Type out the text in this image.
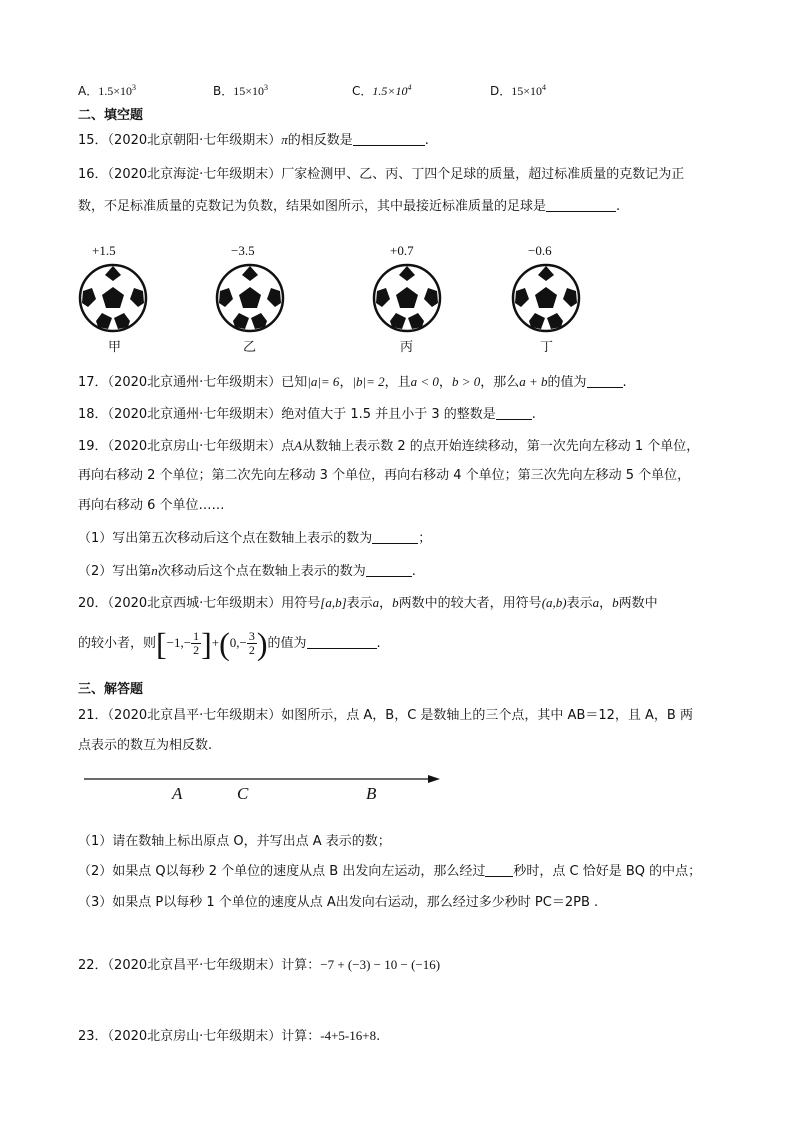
A．$1.5\times 10^3$	B．$15\times 10^3$	C．$1.5\times 10^4$	D．$15\times 10^4$
二、填空题
15．（2020北京朝阳·七年级期末）π的相反数是	.
16．（2020北京海淀·七年级期末）厂家检测甲、乙、丙、丁四个足球的质量，超过标准质量的克数记为正
数，不足标准质量的克数记为负数，结果如图所示，其中最接近标准质量的足球是	.
+1.5	−3.5	+0.7	−0.6
甲	乙	丙	丁
17．（2020北京通州·七年级期末）已知|a|= 6，|b|= 2，且a < 0，b > 0，那么a + b的值为	.
18．（2020北京通州·七年级期末）绝对值大于 1.5 并且小于 3 的整数是	.
19．（2020北京房山·七年级期末）点A从数轴上表示数 2 的点开始连续移动，第一次先向左移动 1 个单位，
再向右移动 2 个单位；第二次先向左移动 3 个单位，再向右移动 4 个单位；第三次先向左移动 5 个单位，
再向右移动 6 个单位……
（1）写出第五次移动后这个点在数轴上表示的数为	；
（2）写出第n次移动后这个点在数轴上表示的数为	.
20．（2020北京西城·七年级期末）用符号[a,b]表示a，b两数中的较大者，用符号(a,b)表示a，b两数中
的较小者，则$[-1,- \frac{1}{2} ]+(0,- \frac{3}{2}$ )的值为	.
三、解答题
21．（2020北京昌平·七年级期末）如图所示，点 A，B，C 是数轴上的三个点，其中 AB＝12，且 A，B 两
点表示的数互为相反数.
A	C	B
（1）请在数轴上标出原点 O，并写出点 A 表示的数；
（2）如果点 Q以每秒 2 个单位的速度从点 B 出发向左运动，那么经过 秒时，点 C 恰好是 BQ 的中点；
（3）如果点 P以每秒 1 个单位的速度从点 A出发向右运动，那么经过多少秒时 PC＝2PB .
22．（2020北京昌平·七年级期末）计算：−7 + (−3) − 10 − (−16)
23．（2020北京房山·七年级期末）计算：-4+5-16+8.
